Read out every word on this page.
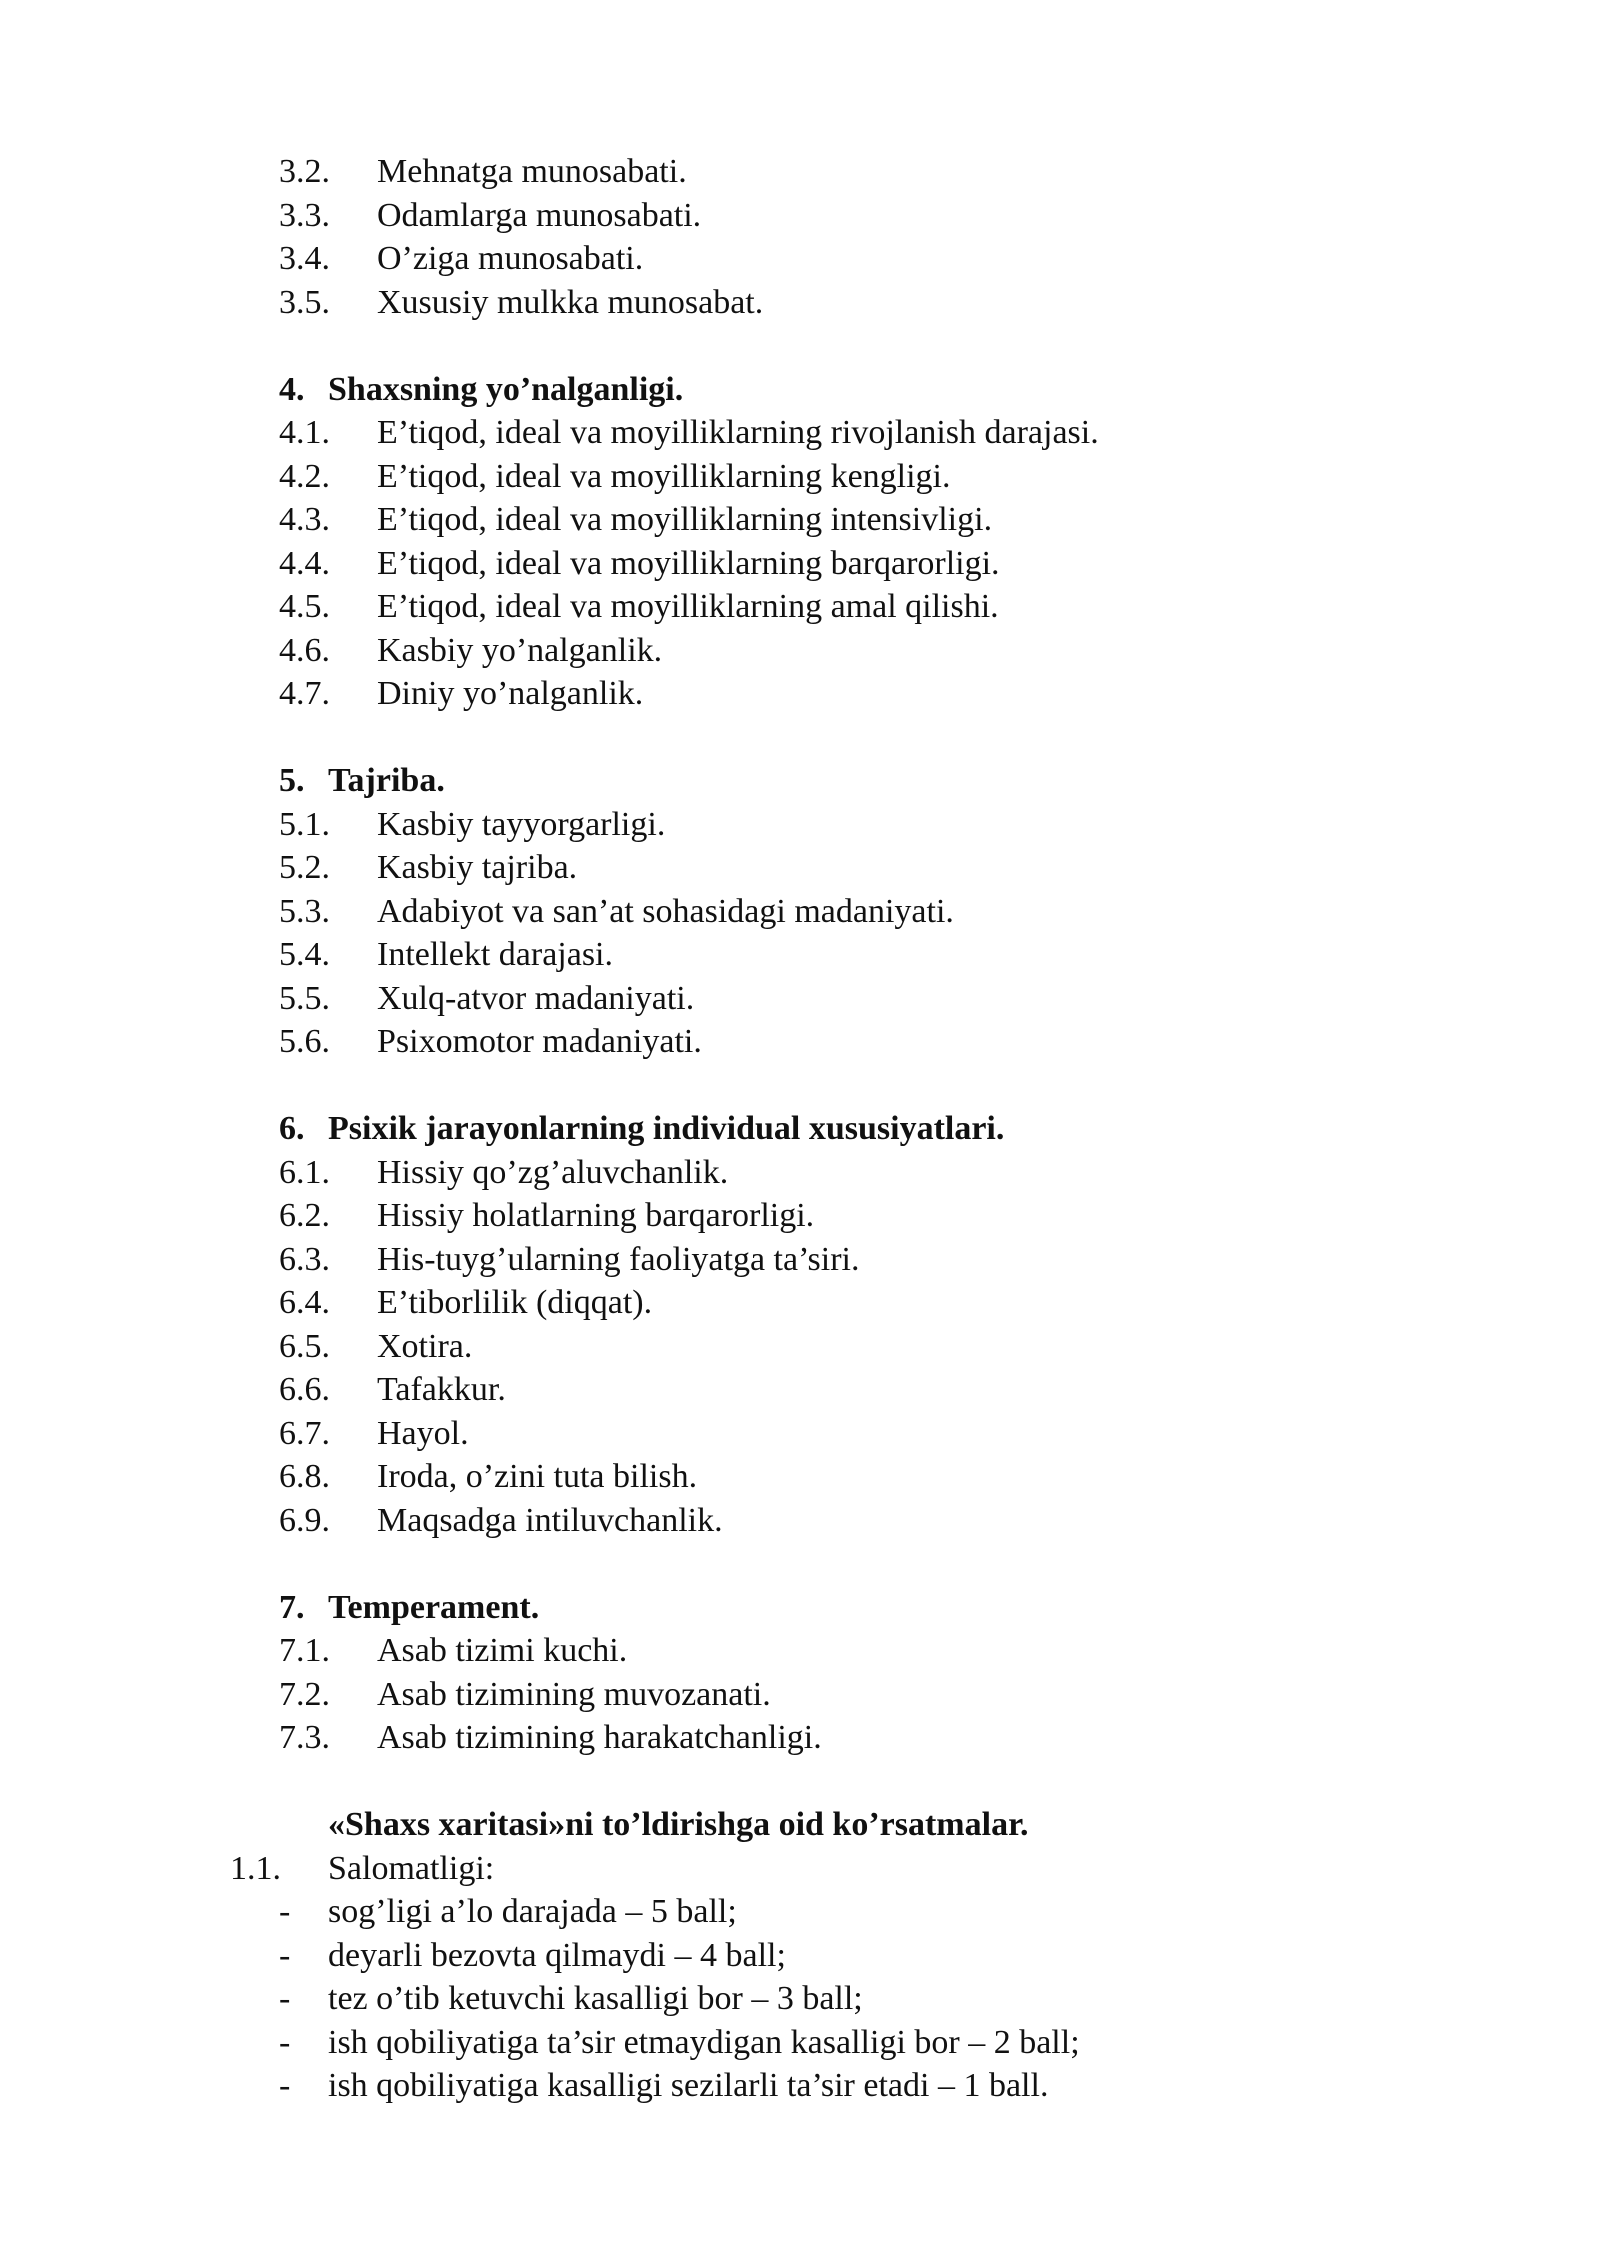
3.2. Mehnatga munosabati.
3.3. Odamlarga munosabati.
3.4. O’ziga munosabati.
3.5. Xususiy mulkka munosabat.
4. Shaxsning yo’nalganligi.
4.1. E’tiqod, ideal va moyilliklarning rivojlanish darajasi.
4.2. E’tiqod, ideal va moyilliklarning kengligi.
4.3. E’tiqod, ideal va moyilliklarning intensivligi.
4.4. E’tiqod, ideal va moyilliklarning barqarorligi.
4.5. E’tiqod, ideal va moyilliklarning amal qilishi.
4.6. Kasbiy yo’nalganlik.
4.7. Diniy yo’nalganlik.
5. Tajriba.
5.1. Kasbiy tayyorgarligi.
5.2. Kasbiy tajriba.
5.3. Adabiyot va san’at sohasidagi madaniyati.
5.4. Intellekt darajasi.
5.5. Xulq-atvor madaniyati.
5.6. Psixomotor madaniyati.
6. Psixik jarayonlarning individual xususiyatlari.
6.1. Hissiy qo’zg’aluvchanlik.
6.2. Hissiy holatlarning barqarorligi.
6.3. His-tuyg’ularning faoliyatga ta’siri.
6.4. E’tiborlilik (diqqat).
6.5. Xotira.
6.6. Tafakkur.
6.7. Hayol.
6.8. Iroda, o’zini tuta bilish.
6.9. Maqsadga intiluvchanlik.
7. Temperament.
7.1. Asab tizimi kuchi.
7.2. Asab tizimining muvozanati.
7.3. Asab tizimining harakatchanligi.
«Shaxs xaritasi»ni to’ldirishga oid ko’rsatmalar.
1.1. Salomatligi:
- sog’ligi a’lo darajada – 5 ball;
- deyarli bezovta qilmaydi – 4 ball;
- tez o’tib ketuvchi kasalligi bor – 3 ball;
- ish qobiliyatiga ta’sir etmaydigan kasalligi bor – 2 ball;
- ish qobiliyatiga kasalligi sezilarli ta’sir etadi – 1 ball.
